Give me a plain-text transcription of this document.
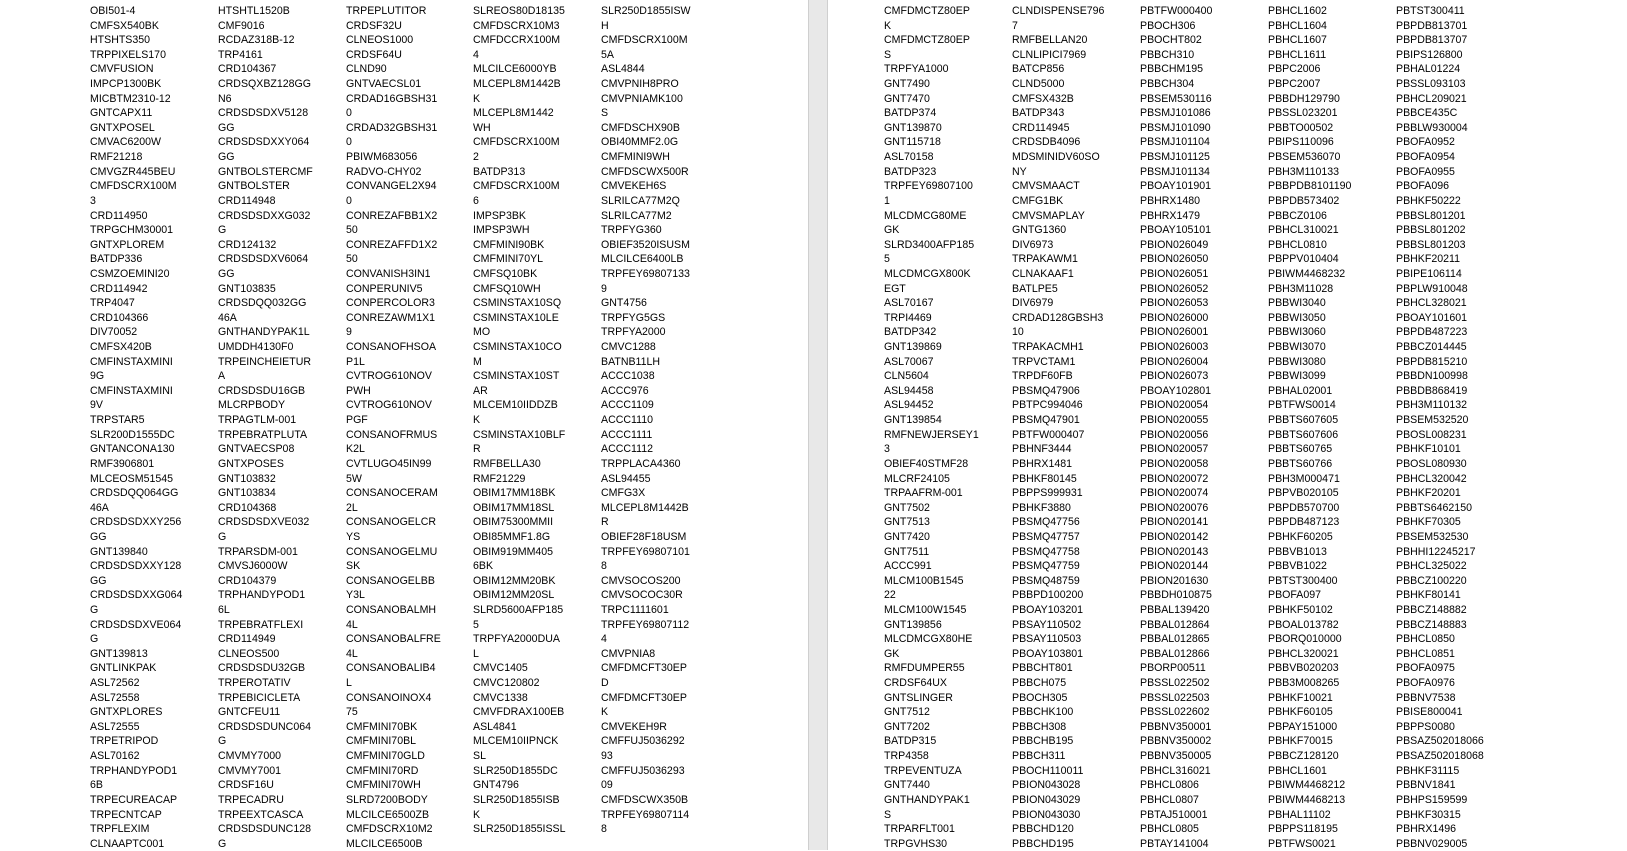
OBI501-4
CMFSX540BK
HTSHTS350
TRPPIXELS170
CMVFUSION
IMPCP1300BK
MICBTM2310-12
GNTCAPX11
GNTXPOSEL
CMVAC6200W
RMF21218
CMVGZR445BEU
CMFDSCRX100M
3
CRD114950
TRPGCHM30001
GNTXPLOREM
BATDP336
CSMZOEMINI20
CRD114942
TRP4047
CRD104366
DIV70052
CMFSX420B
CMFINSTAXMINI
9G
CMFINSTAXMINI
9V
TRPSTAR5
SLR200D1555DC
GNTANCONA130
RMF3906801
MLCEOSM51545
CRDSDQQ064GG
46A
CRDSDSDXXY256
GG
GNT139840
CRDSDSDXXY128
GG
CRDSDSDXXG064
G
CRDSDSDXVE064
G
GNT139813
GNTLINKPAK
ASL72562
ASL72558
GNTXPLORES
ASL72555
TRPETRIPOD
ASL70162
TRPHANDYPOD1
6B
TRPECUREACAP
TRPECNTCAP
TRPFLEXIM
CLNAAPTC001
HTSHTL1520B
CMF9016
RCDAZ318B-12
TRP4161
CRD104367
CRDSQXBZ128GG
N6
CRDSDSDXV5128
GG
CRDSDSDXXY064
GG
GNTBOLSTERCMF
GNTBOLSTER
CRD114948
CRDSDSDXXG032
G
CRD124132
CRDSDSDXV6064
GG
GNT103835
CRDSDQQ032GG
46A
GNTHANDYPAK1L
UMDDH4130F0
TRPEINCHEIETUR
A
CRDSDSDU16GB
MLCRPBODY
TRPAGTLM-001
TRPEBRATPLUTA
GNTVAECSP08
GNTXPOSES
GNT103832
GNT103834
CRD104368
CRDSDSDXVE032
G
TRPARSDM-001
CMVSJ6000W
CRD104379
TRPHANDYPOD1
6L
TRPEBRATFLEXI
CRD114949
CLNEOS500
CRDSDSDU32GB
TRPEROTATIV
TRPEBICICLETA
GNTCFEU11
CRDSDSDUNC064
G
CMVMY7000
CMVMY7001
CRDSF16U
TRPECADRU
TRPEEXTCASCA
CRDSDSDUNC128
G
TRPEPLUTITOR
CRDSF32U
CLNEOS1000
CRDSF64U
CLND90
GNTVAECSL01
CRDAD16GBSH31
0
CRDAD32GBSH31
0
PBIWM683056
RADVO-CHY02
CONVANGEL2X94
0
CONREZAFBB1X2
50
CONREZAFFD1X2
50
CONVANISH3IN1
CONPERUNIV5
CONPERCOLOR3
CONREZAWM1X1
9
CONSANOFHSOA
P1L
CVTROG610NOV
PWH
CVTROG610NOV
PGF
CONSANOFRMUS
K2L
CVTLUGO45IN99
5W
CONSANOCERAM
2L
CONSANOGELCR
YS
CONSANOGELMU
SK
CONSANOGELBB
Y3L
CONSANOBALMH
4L
CONSANOBALFRE
4L
CONSANOBALIB4
L
CONSANOINOX4
75
CMFMINI70BK
CMFMINI70BL
CMFMINI70GLD
CMFMINI70RD
CMFMINI70WH
SLRD7200BODY
MLCILCE6500ZB
CMFDSCRX10M2
MLCILCE6500B
SLREOS80D18135
CMFDSCRX10M3
CMFDCCRX100M
4
MLCILCE6000YB
MLCEPL8M1442B
K
MLCEPL8M1442
WH
CMFDSCRX100M
2
BATDP313
CMFDSCRX100M
6
IMPSP3BK
IMPSP3WH
CMFMINI90BK
CMFMINI70YL
CMFSQ10BK
CMFSQ10WH
CSMINSTAX10SQ
CSMINSTAX10LE
MO
CSMINSTAX10CO
M
CSMINSTAX10ST
AR
MLCEM10IIDDZB
K
CSMINSTAX10BLF
R
RMFBELLA30
RMF21229
OBIM17MM18BK
OBIM17MM18SL
OBIM75300MMII
OBI85MMF1.8G
OBIM919MM405
6BK
OBIM12MM20BK
OBIM12MM20SL
SLRD5600AFP185
5
TRPFYA2000DUA
L
CMVC1405
CMVC120802
CMVC1338
CMVFDRAX100EB
ASL4841
MLCEM10IIPNCK
SL
SLR250D1855DC
GNT4796
SLR250D1855ISB
K
SLR250D1855ISSL
SLR250D1855ISW
H
CMFDSCRX100M
5A
ASL4844
CMVPNIH8PRO
CMVPNIAMK100
S
CMFDSCHX90B
OBI40MMF2.0G
CMFMINI9WH
CMFDSCWX500R
CMVEKEH6S
SLRILCA77M2Q
SLRILCA77M2
TRPFYG360
OBIEF3520ISUSM
MLCILCE6400LB
TRPFEY69807133
9
GNT4756
TRPFYG5GS
TRPFYA2000
CMVC1288
BATNB11LH
ACCC1038
ACCC976
ACCC1109
ACCC1110
ACCC1111
ACCC1112
TRPPLACA4360
ASL94455
CMFG3X
MLCEPL8M1442B
R
OBIEF28F18USM
TRPFEY69807101
8
CMVSOCOS200
CMVSOCOC30R
TRPC1111601
TRPFEY69807112
4
CMVPNIA8
CMFDMCFT30EP
D
CMFDMCFT30EP
K
CMVEKEH9R
CMFFUJ5036292
93
CMFFUJ5036293
09
CMFDSCWX350B
TRPFEY69807114
8
CMFDMCTZ80EP
K
CMFDMCTZ80EP
S
TRPFYA1000
GNT7490
GNT7470
BATDP374
GNT139870
GNT115718
ASL70158
BATDP323
TRPFEY69807100
1
MLCDMCG80ME
GK
SLRD3400AFP185
5
MLCDMCGX800K
EGT
ASL70167
TRPI4469
BATDP342
GNT139869
ASL70067
CLN5604
ASL94458
ASL94452
GNT139854
RMFNEWJERSEY1
3
OBIEF40STMF28
MLCRF24105
TRPAAFRM-001
GNT7502
GNT7513
GNT7420
GNT7511
ACCC991
MLCM100B1545
22
MLCM100W1545
GNT139856
MLCDMCGX80HE
GK
RMFDUMPER55
CRDSF64UX
GNTSLINGER
GNT7512
GNT7202
BATDP315
TRP4358
TRPEVENTUZA
GNT7440
GNTHANDYPAK1
S
TRPARFLT001
TRPGVHS30
CLNDISPENSE796
7
RMFBELLAN20
CLNLIPICI7969
BATCP856
CLND5000
CMFSX432B
BATDP343
CRD114945
CRDSDB4096
MDSMINIDV60SO
NY
CMVSMAACT
CMFG1BK
CMVSMAPLAY
GNTG1360
DIV6973
TRPAKAWM1
CLNAKAAF1
BATLPE5
DIV6979
CRDAD128GBSH3
10
TRPAKACMH1
TRPVCTAM1
TRPDF60FB
PBSMQ47906
PBTPC994046
PBSMQ47901
PBTFW000407
PBHNF3444
PBHRX1481
PBHKF80145
PBPPS999931
PBHKF3880
PBSMQ47756
PBSMQ47757
PBSMQ47758
PBSMQ47759
PBSMQ48759
PBBPD100200
PBOAY103201
PBSAY110502
PBSAY110503
PBOAY103801
PBBCHT801
PBBCH075
PBOCH305
PBBCHK100
PBBCH308
PBBCHB195
PBBCH311
PBOCH110011
PBION043028
PBION043029
PBION043030
PBBCHD120
PBBCHD195
PBTFW000400
PBOCH306
PBOCHT802
PBBCH310
PBBCHM195
PBBCH304
PBSEM530116
PBSMJ101086
PBSMJ101090
PBSMJ101104
PBSMJ101125
PBSMJ101134
PBOAY101901
PBHRX1480
PBHRX1479
PBOAY105101
PBION026049
PBION026050
PBION026051
PBION026052
PBION026053
PBION026000
PBION026001
PBION026003
PBION026004
PBION026073
PBOAY102801
PBION020054
PBION020055
PBION020056
PBION020057
PBION020058
PBION020072
PBION020074
PBION020076
PBION020141
PBION020142
PBION020143
PBION020144
PBION201630
PBBDH010875
PBBAL139420
PBBAL012864
PBBAL012865
PBBAL012866
PBORP00511
PBSSL022502
PBSSL022503
PBSSL022602
PBBNV350001
PBBNV350002
PBBNV350005
PBHCL316021
PBHCL0806
PBHCL0807
PBTAJ510001
PBHCL0805
PBTAY141004
PBHCL1602
PBHCL1604
PBHCL1607
PBHCL1611
PBPC2006
PBPC2007
PBBDH129790
PBSSL023201
PBBTO00502
PBIPS110096
PBSEM536070
PBH3M110133
PBBPDB8101190
PBPDB573402
PBBCZ0106
PBHCL310021
PBHCL0810
PBPPV010404
PBIWM4468232
PBH3M11028
PBBWI3040
PBBWI3050
PBBWI3060
PBBWI3070
PBBWI3080
PBBWI3099
PBHAL02001
PBTFWS0014
PBBTS607605
PBBTS607606
PBBTS60765
PBBTS60766
PBH3M000471
PBPVB020105
PBPDB570700
PBPDB487123
PBHKF60205
PBBVB1013
PBBVB1022
PBTST300400
PBOFA097
PBHKF50102
PBOAL013782
PBORQ010000
PBHCL320021
PBBVB020203
PBB3M008265
PBHKF10021
PBHKF60105
PBPAY151000
PBHKF70015
PBBCZ128120
PBHCL1601
PBIWM4468212
PBIWM4468213
PBHAL11102
PBPPS118195
PBTFWS0021
PBTST300411
PBPDB813701
PBPDB813707
PBIPS126800
PBHAL01224
PBSSL093103
PBHCL209021
PBBCE435C
PBBLW930004
PBOFA0952
PBOFA0954
PBOFA0955
PBOFA096
PBHKF50222
PBBSL801201
PBBSL801202
PBBSL801203
PBHKF20211
PBIPE106114
PBPLW910048
PBHCL328021
PBOAY101601
PBPDB487223
PBBCZ014445
PBPDB815210
PBBDN100998
PBBDB868419
PBH3M110132
PBSEM532520
PBOSL008231
PBHKF10101
PBOSL080930
PBHCL320042
PBHKF20201
PBBTS6462150
PBHKF70305
PBSEM532530
PBHHI12245217
PBHCL325022
PBBCZ100220
PBHKF80141
PBBCZ148882
PBBCZ148883
PBHCL0850
PBHCL0851
PBOFA0975
PBOFA0976
PBBNV7538
PBISE800041
PBPPS0080
PBSAZ502018066
PBSAZ502018068
PBHKF31115
PBBNV1841
PBHPS159599
PBHKF30315
PBHRX1496
PBBNV029005
